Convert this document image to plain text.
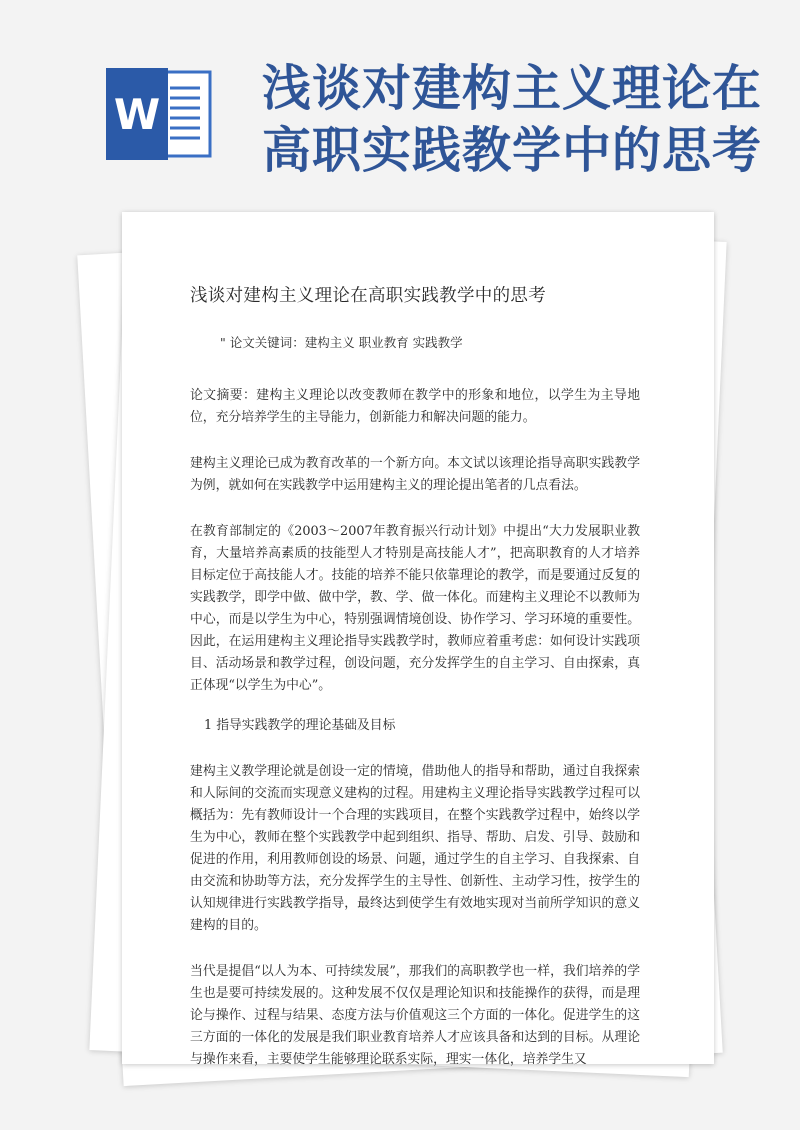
W 浅谈对建构主义理论在
高职实践教学中的思考
浅谈对建构主义理论在高职实践教学中的思考
" 论文关键词：建构主义 职业教育 实践教学

论文摘要：建构主义理论以改变教师在教学中的形象和地位，以学生为主导地位，充分培养学生的主导能力，创新能力和解决问题的能力。

建构主义理论已成为教育改革的一个新方向。本文试以该理论指导高职实践教学为例，就如何在实践教学中运用建构主义的理论提出笔者的几点看法。

在教育部制定的《2003～2007年教育振兴行动计划》中提出“大力发展职业教育，大量培养高素质的技能型人才特别是高技能人才”，把高职教育的人才培养目标定位于高技能人才。技能的培养不能只依靠理论的教学，而是要通过反复的实践教学，即学中做、做中学，教、学、做一体化。而建构主义理论不以教师为中心，而是以学生为中心，特别强调情境创设、协作学习、学习环境的重要性。因此，在运用建构主义理论指导实践教学时，教师应着重考虑：如何设计实践项目、活动场景和教学过程，创设问题，充分发挥学生的自主学习、自由探索，真正体现“以学生为中心”。

1 指导实践教学的理论基础及目标

建构主义教学理论就是创设一定的情境，借助他人的指导和帮助，通过自我探索和人际间的交流而实现意义建构的过程。用建构主义理论指导实践教学过程可以概括为：先有教师设计一个合理的实践项目，在整个实践教学过程中，始终以学生为中心，教师在整个实践教学中起到组织、指导、帮助、启发、引导、鼓励和促进的作用，利用教师创设的场景、问题，通过学生的自主学习、自我探索、自由交流和协助等方法，充分发挥学生的主导性、创新性、主动学习性，按学生的认知规律进行实践教学指导，最终达到使学生有效地实现对当前所学知识的意义建构的目的。

当代是提倡“以人为本、可持续发展”，那我们的高职教学也一样，我们培养的学生也是要可持续发展的。这种发展不仅仅是理论知识和技能操作的获得，而是理论与操作、过程与结果、态度方法与价值观这三个方面的一体化。促进学生的这三方面的一体化的发展是我们职业教育培养人才应该具备和达到的目标。从理论与操作来看，主要使学生能够理论联系实际，理实一体化，培养学生又
